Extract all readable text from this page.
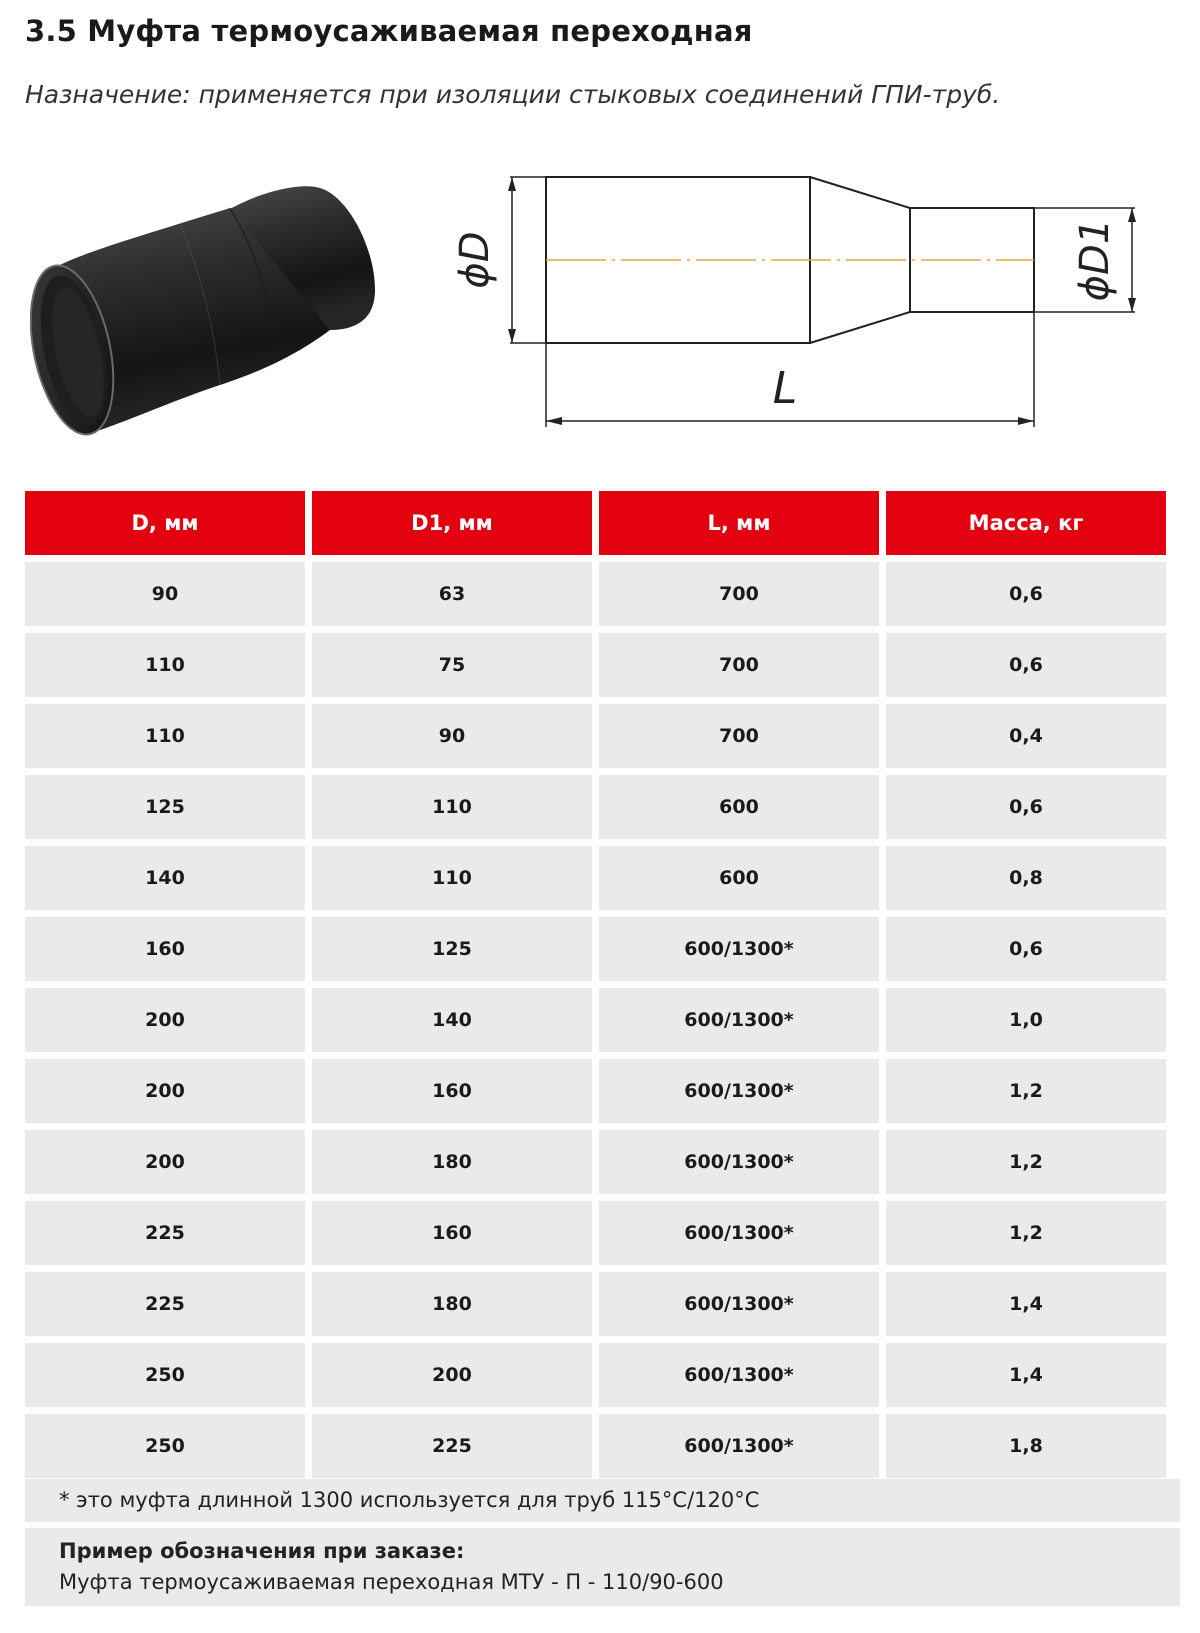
3.5 Муфта термоусаживаемая переходная

Назначение: применяется при изоляции стыковых соединений ГПИ-труб.

ϕD	ϕD1
L
D, мм	D1, мм	L, мм	Масса, кг
90	63	700	0,6
110	75	700	0,6
110	90	700	0,4
125	110	600	0,6
140	110	600	0,8
160	125	600/1300*	0,6
200	140	600/1300*	1,0
200	160	600/1300*	1,2
200	180	600/1300*	1,2
225	160	600/1300*	1,2
225	180	600/1300*	1,4
250	200	600/1300*	1,4
250	225	600/1300*	1,8
* это муфта длинной 1300 используется для труб 115°С/120°С
Пример обозначения при заказе:
Муфта термоусаживаемая переходная МТУ - П - 110/90-600
